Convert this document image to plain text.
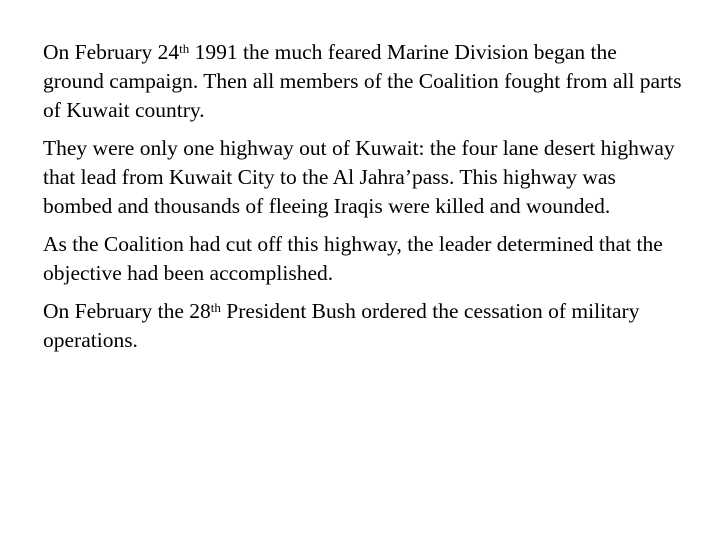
On February 24th 1991 the much feared Marine Division began the ground campaign. Then all members of the Coalition fought from all parts of Kuwait country.

They were only one highway out of Kuwait: the four lane desert highway that lead from Kuwait City to the Al Jahra’pass. This highway was bombed and thousands of fleeing Iraqis were killed and wounded.

As the Coalition had cut off this highway, the leader determined that the objective had been accomplished.

On February the 28th President Bush ordered the cessation of military operations.
